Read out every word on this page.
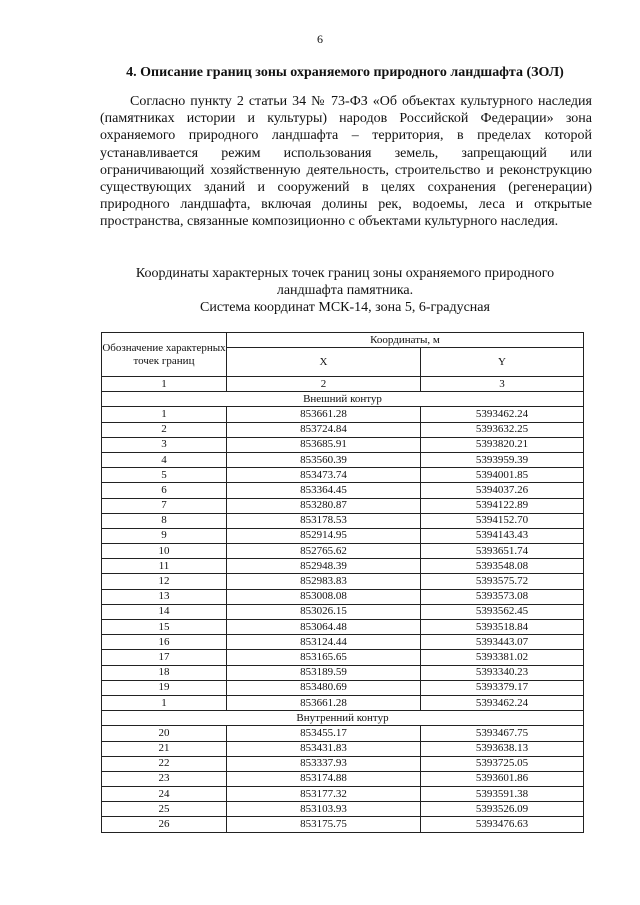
6
4. Описание границ зоны охраняемого природного ландшафта (ЗОЛ)

Согласно пункту 2 статьи 34 № 73-ФЗ «Об объектах культурного наследия (памятниках истории и культуры) народов Российской Федерации» зона охраняемого природного ландшафта – территория, в пределах которой устанавливается режим использования земель, запрещающий или ограничивающий хозяйственную деятельность, строительство и реконструкцию существующих зданий и сооружений в целях сохранения (регенерации) природного ландшафта, включая долины рек, водоемы, леса и открытые пространства, связанные композиционно с объектами культурного наследия.

Координаты характерных точек границ зоны охраняемого природного
ландшафта памятника.
Система координат МСК-14, зона 5, 6-градусная
Обозначение характерных точек границ	Координаты, м	
	X	Y
1	2	3
Внешний контур		
1	853661.28	5393462.24
2	853724.84	5393632.25
3	853685.91	5393820.21
4	853560.39	5393959.39
5	853473.74	5394001.85
6	853364.45	5394037.26
7	853280.87	5394122.89
8	853178.53	5394152.70
9	852914.95	5394143.43
10	852765.62	5393651.74
11	852948.39	5393548.08
12	852983.83	5393575.72
13	853008.08	5393573.08
14	853026.15	5393562.45
15	853064.48	5393518.84
16	853124.44	5393443.07
17	853165.65	5393381.02
18	853189.59	5393340.23
19	853480.69	5393379.17
1	853661.28	5393462.24
Внутренний контур		
20	853455.17	5393467.75
21	853431.83	5393638.13
22	853337.93	5393725.05
23	853174.88	5393601.86
24	853177.32	5393591.38
25	853103.93	5393526.09
26	853175.75	5393476.63
